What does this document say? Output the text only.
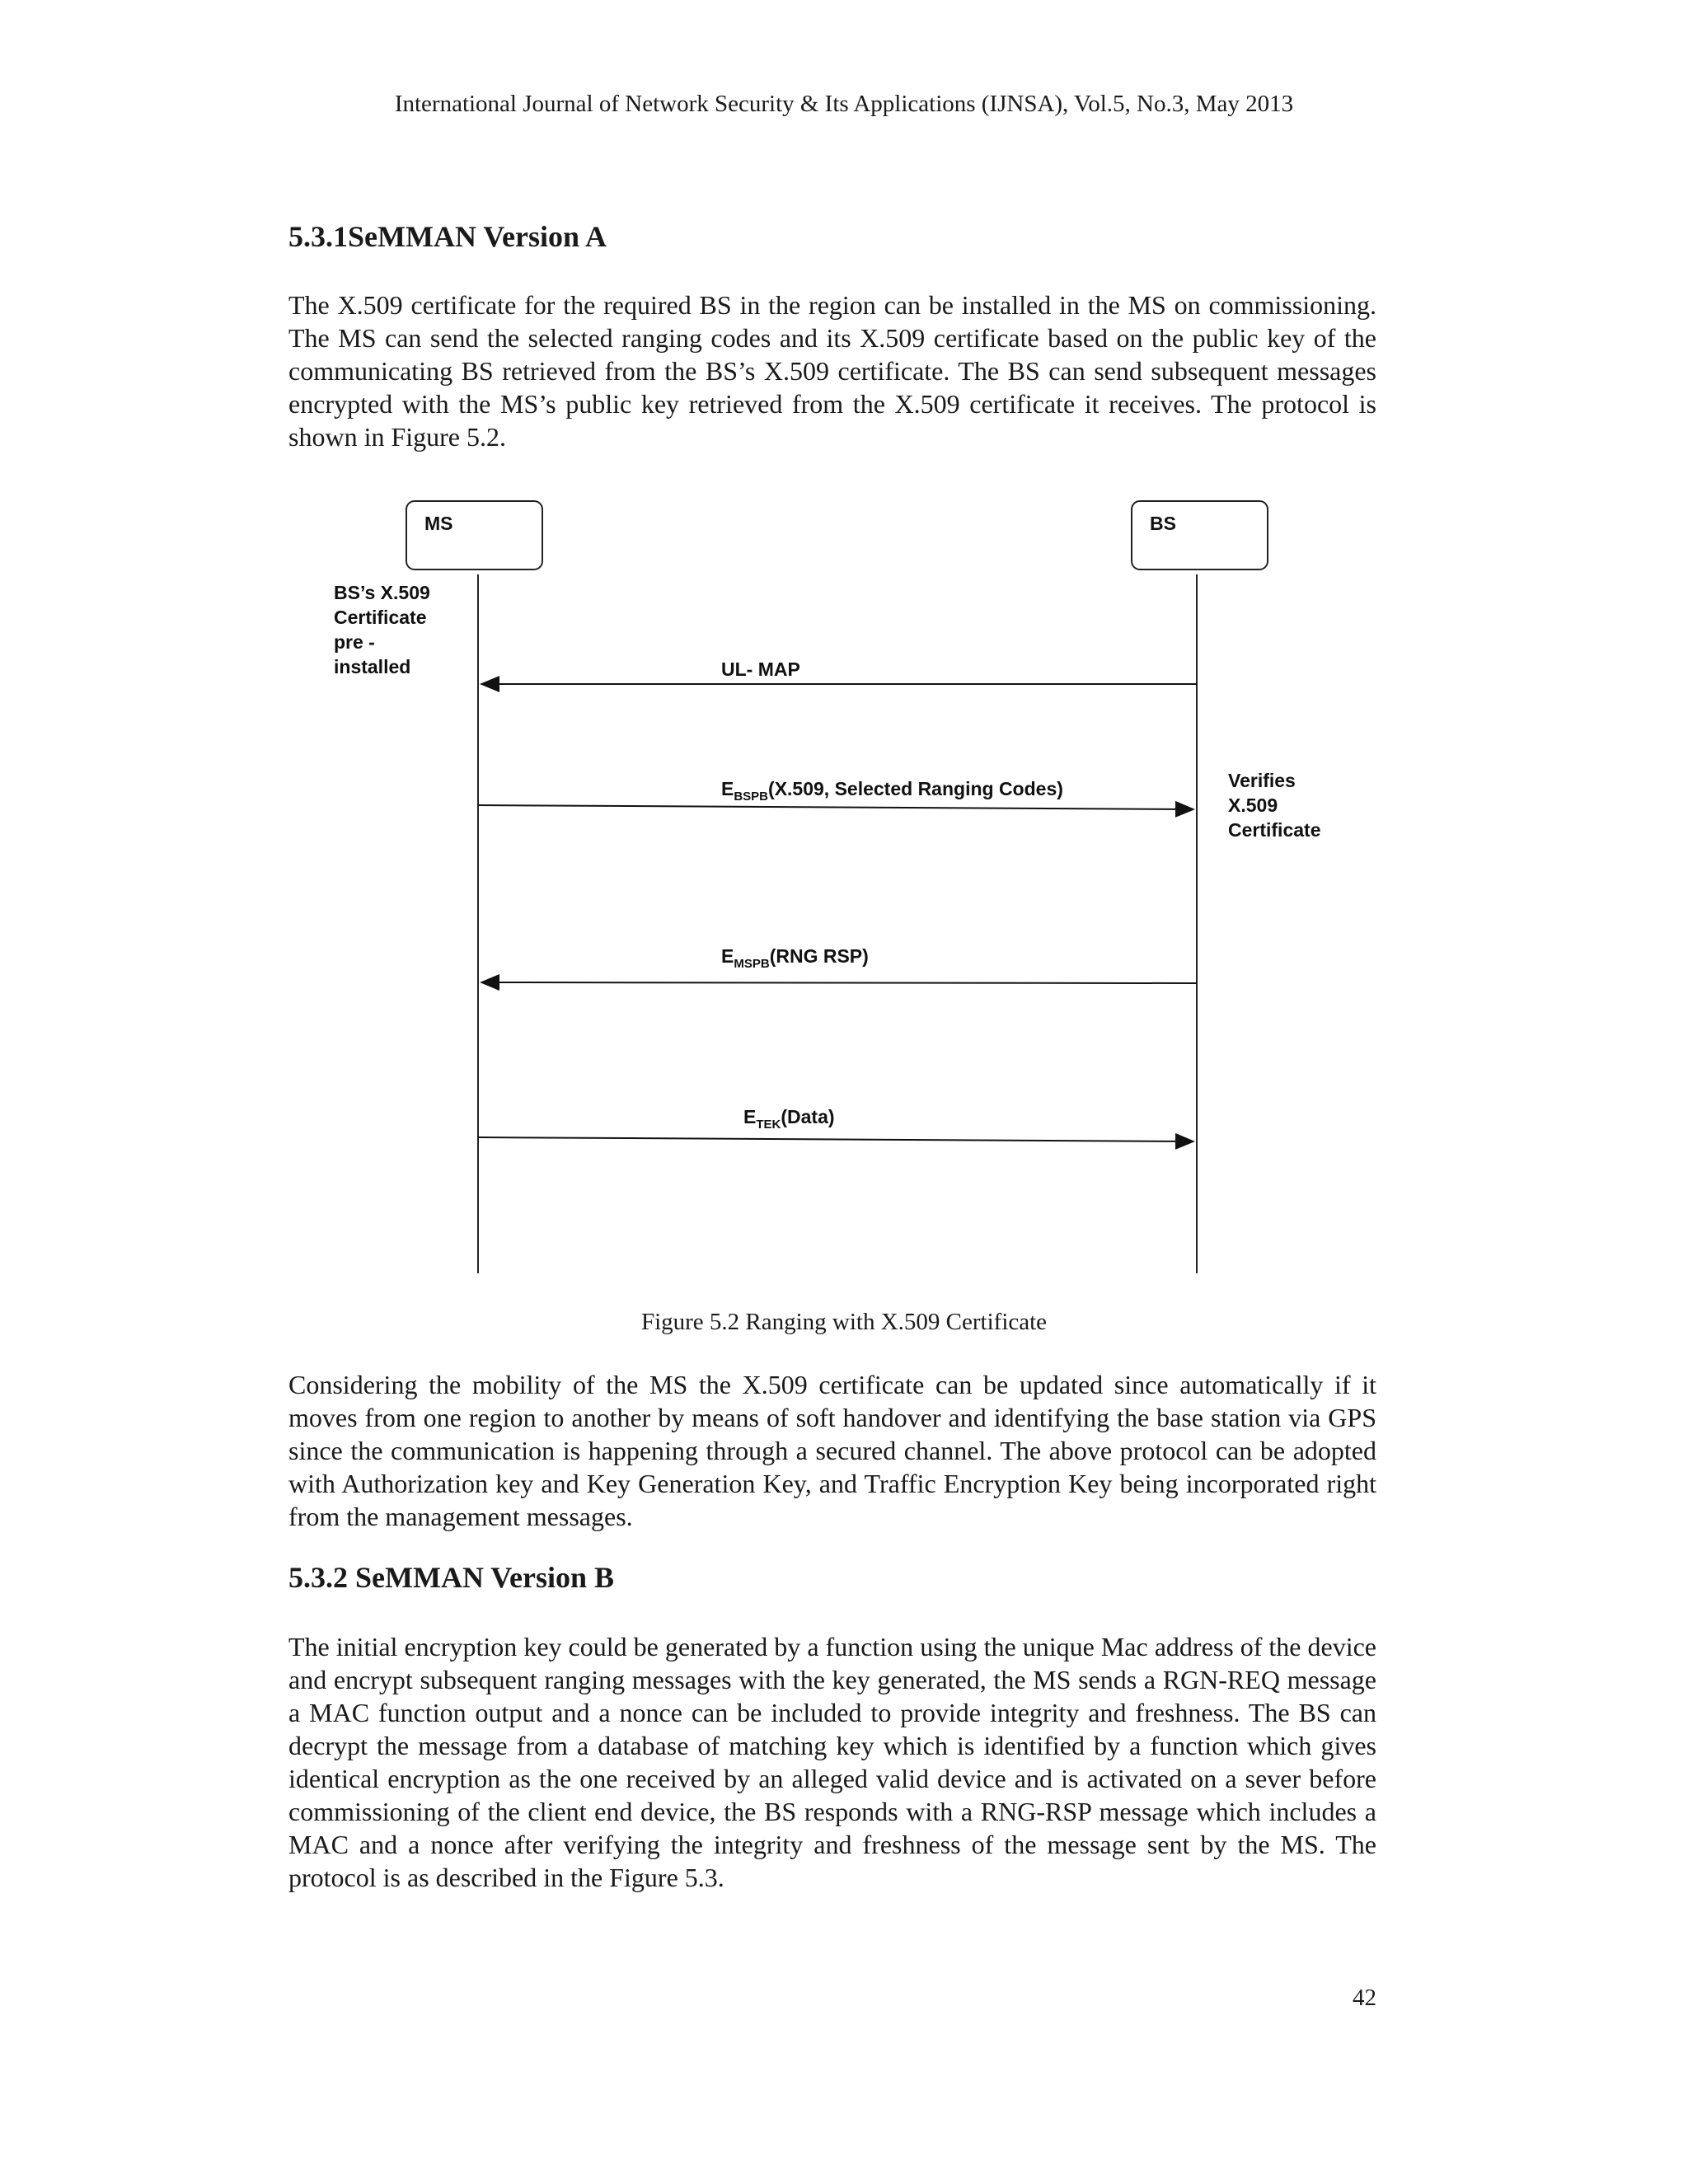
International Journal of Network Security & Its Applications (IJNSA), Vol.5, No.3, May 2013
5.3.1SeMMAN Version A

The X.509 certificate for the required BS in the region can be installed in the MS on commissioning. The MS can send the selected ranging codes and its X.509 certificate based on the public key of the communicating BS retrieved from the BS’s X.509 certificate. The BS can send subsequent messages encrypted with the MS’s public key retrieved from the X.509 certificate it receives. The protocol is shown in Figure 5.2.

MS	BS
BS’s X.509
Certificate
pre -
installed
Verifies
X.509
Certificate
UL- MAP
$E_{BSPB}(X.509$, Selected Ranging Codes)
$E_{MSPB}(RNG$ RSP)
$E_{TEK}(Data)$
Figure 5.2 Ranging with X.509 Certificate

Considering the mobility of the MS the X.509 certificate can be updated since automatically if it moves from one region to another by means of soft handover and identifying the base station via GPS since the communication is happening through a secured channel. The above protocol can be adopted with Authorization key and Key Generation Key, and Traffic Encryption Key being incorporated right from the management messages.

5.3.2 SeMMAN Version B

The initial encryption key could be generated by a function using the unique Mac address of the device and encrypt subsequent ranging messages with the key generated, the MS sends a RGN-REQ message a MAC function output and a nonce can be included to provide integrity and freshness. The BS can decrypt the message from a database of matching key which is identified by a function which gives identical encryption as the one received by an alleged valid device and is activated on a sever before commissioning of the client end device, the BS responds with a RNG-RSP message which includes a MAC and a nonce after verifying the integrity and freshness of the message sent by the MS. The protocol is as described in the Figure 5.3.

42
